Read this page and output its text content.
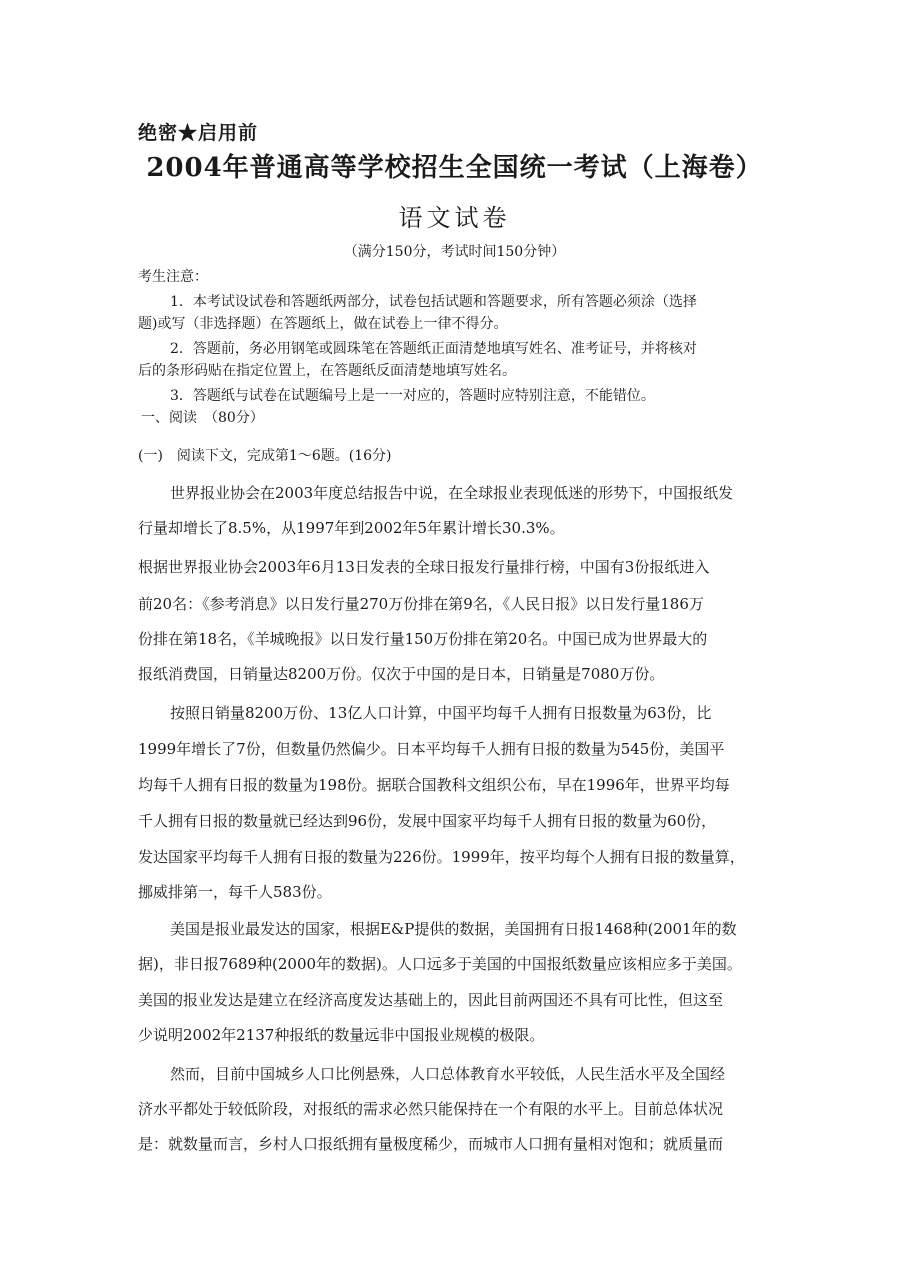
绝密★启用前
2004年普通高等学校招生全国统一考试（上海卷）
语文试卷
（满分150分，考试时间150分钟）
考生注意：
1．本考试设试卷和答题纸两部分，试卷包括试题和答题要求，所有答题必须涂（选择
题)或写（非选择题）在答题纸上，做在试卷上一律不得分。
2．答题前，务必用钢笔或圆珠笔在答题纸正面清楚地填写姓名、准考证号，并将核对
后的条形码贴在指定位置上，在答题纸反面清楚地填写姓名。
3．答题纸与试卷在试题编号上是一一对应的，答题时应特别注意，不能错位。
一、阅读　（80分）
(一)　阅读下文，完成第1～6题。(16分)
世界报业协会在2003年度总结报告中说，在全球报业表现低迷的形势下，中国报纸发
行量却增长了8.5%，从1997年到2002年5年累计增长30.3%。
根据世界报业协会2003年6月13日发表的全球日报发行量排行榜，中国有3份报纸进入
前20名：《参考消息》以日发行量270万份排在第9名，《人民日报》以日发行量186万
份排在第18名，《羊城晚报》以日发行量150万份排在第20名。中国已成为世界最大的
报纸消费国，日销量达8200万份。仅次于中国的是日本，日销量是7080万份。
按照日销量8200万份、13亿人口计算，中国平均每千人拥有日报数量为63份，比
1999年增长了7份，但数量仍然偏少。日本平均每千人拥有日报的数量为545份，美国平
均每千人拥有日报的数量为198份。据联合国教科文组织公布，早在1996年，世界平均每
千人拥有日报的数量就已经达到96份，发展中国家平均每千人拥有日报的数量为60份，
发达国家平均每千人拥有日报的数量为226份。1999年，按平均每个人拥有日报的数量算，
挪威排第一，每千人583份。
美国是报业最发达的国家，根据E&P提供的数据，美国拥有日报1468种(2001年的数
据)，非日报7689种(2000年的数据)。人口远多于美国的中国报纸数量应该相应多于美国。
美国的报业发达是建立在经济高度发达基础上的，因此目前两国还不具有可比性，但这至
少说明2002年2137种报纸的数量远非中国报业规模的极限。
然而，目前中国城乡人口比例悬殊，人口总体教育水平较低，人民生活水平及全国经
济水平都处于较低阶段，对报纸的需求必然只能保持在一个有限的水平上。目前总体状况
是：就数量而言，乡村人口报纸拥有量极度稀少，而城市人口拥有量相对饱和；就质量而
